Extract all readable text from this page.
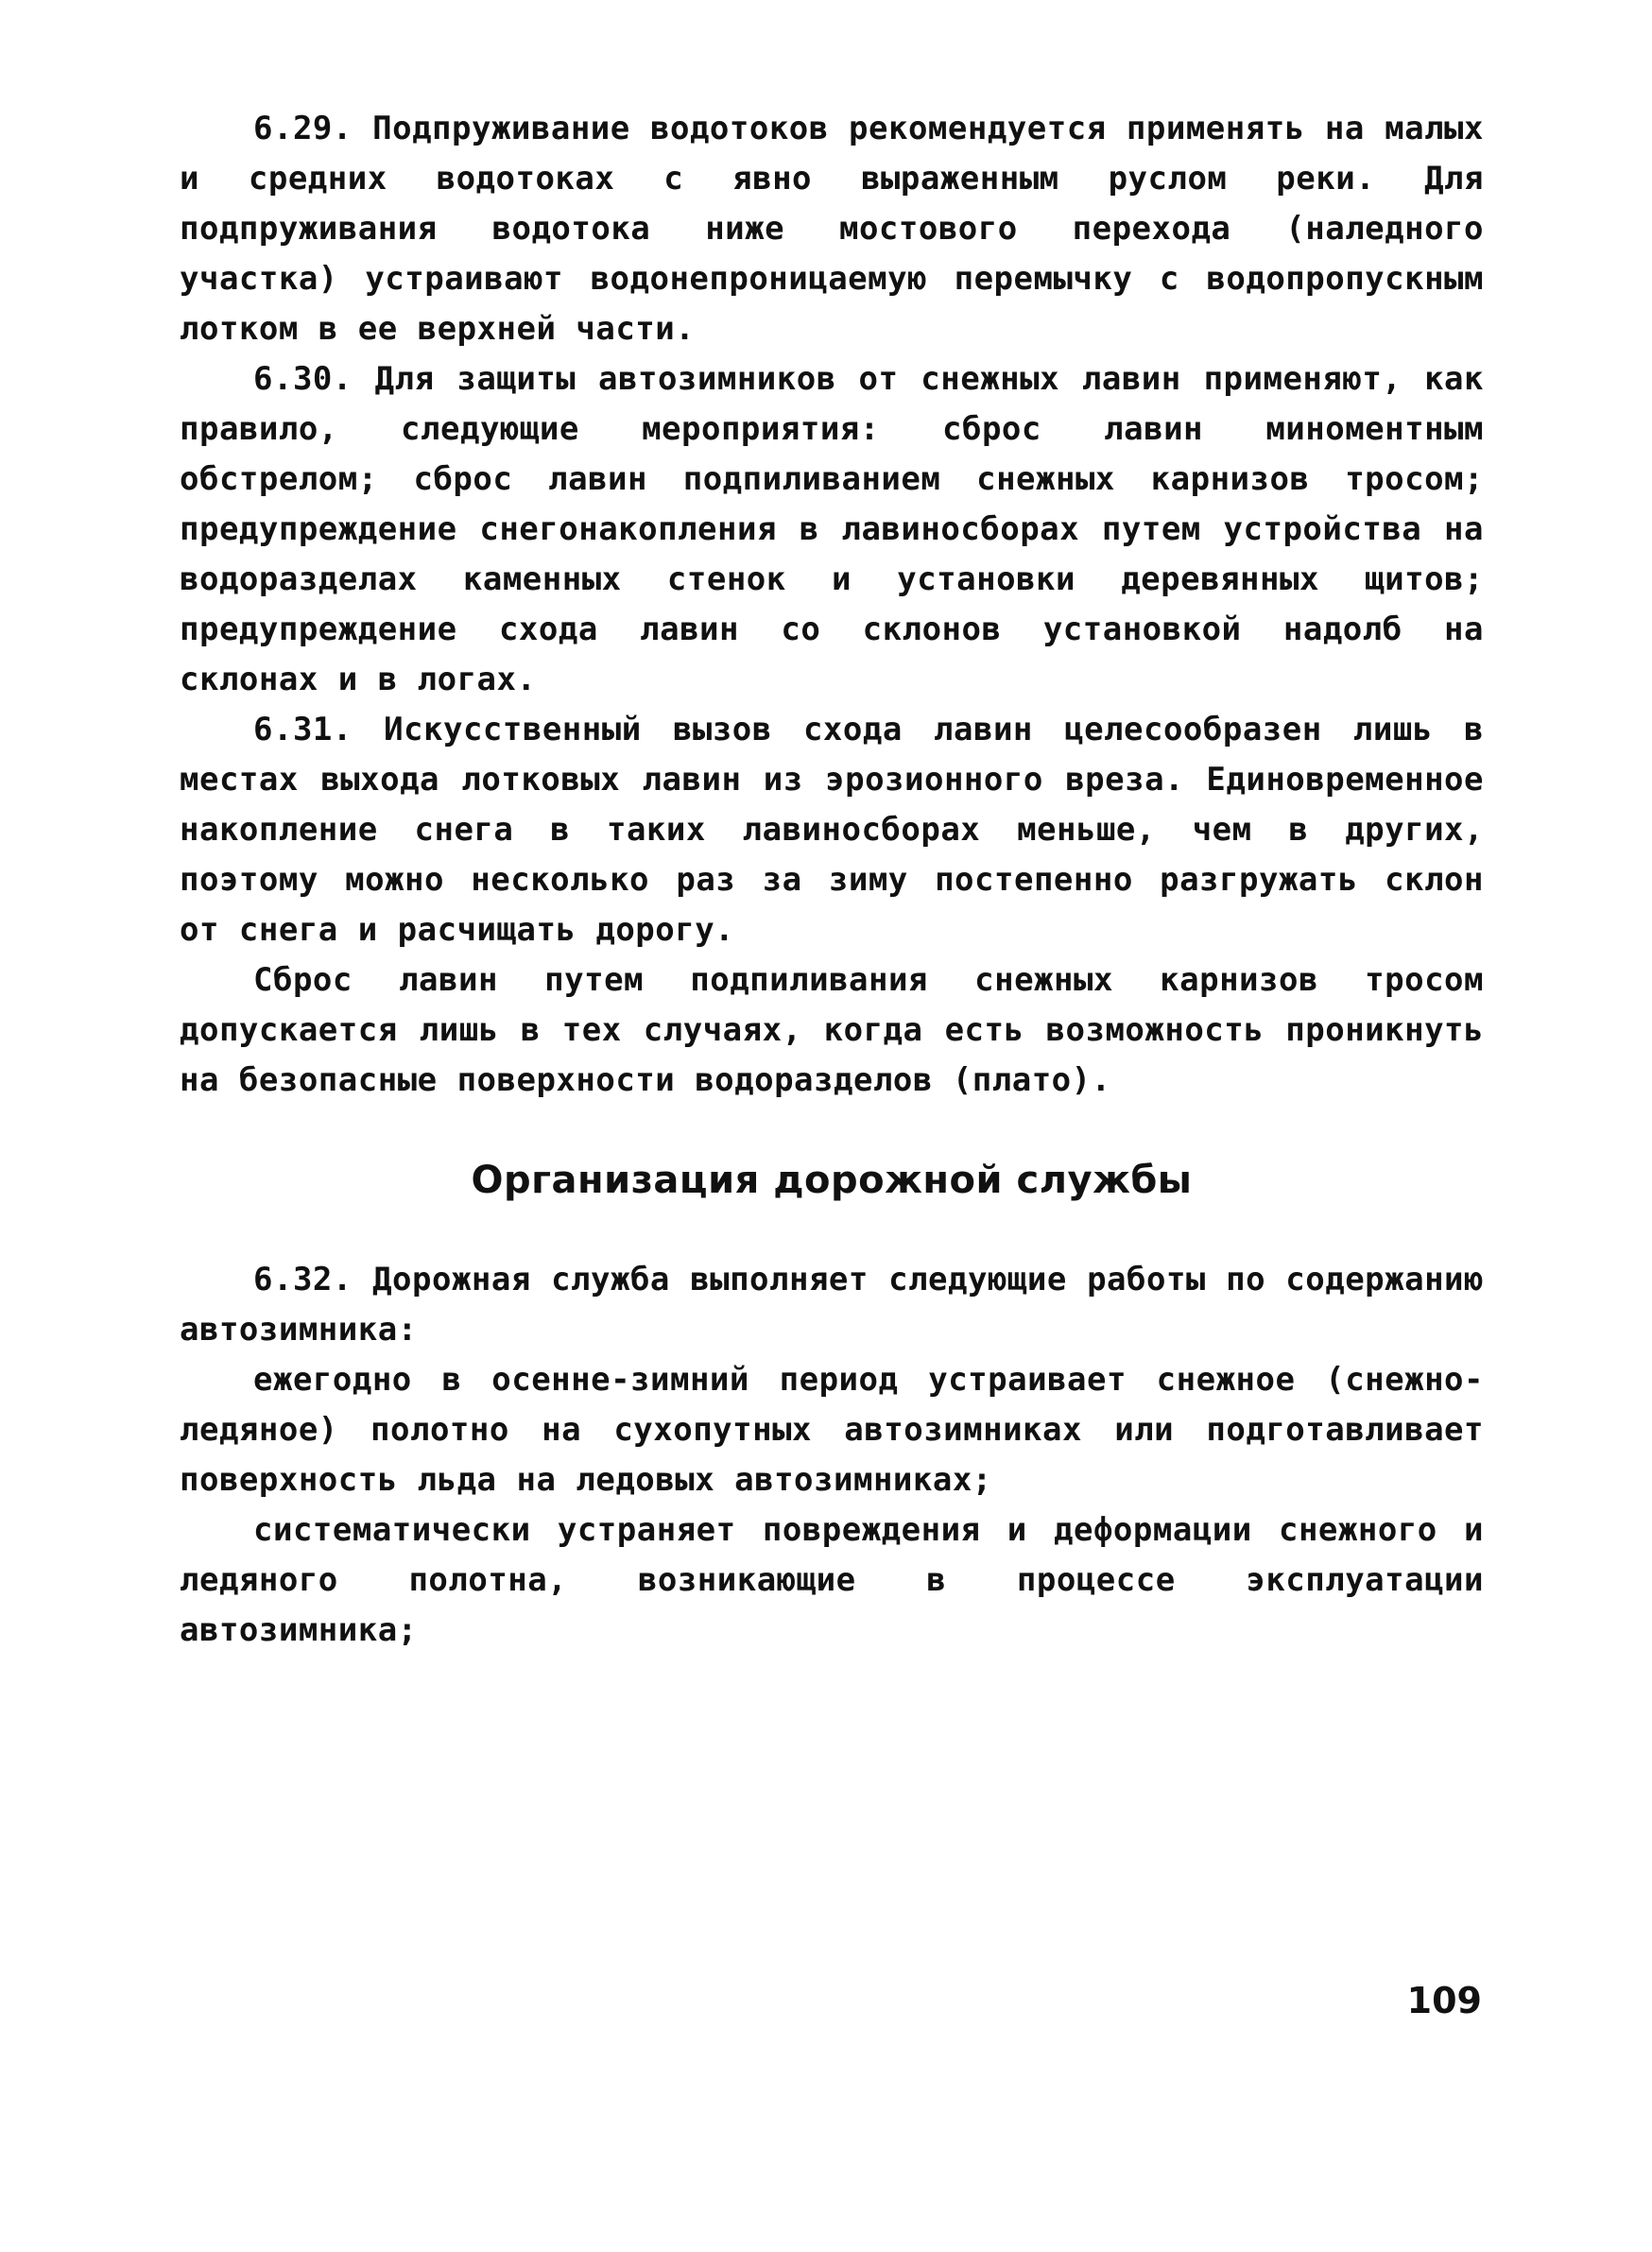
6.29. Подпруживание водотоков рекомендуется применять на малых и средних водотоках с явно выраженным руслом реки. Для подпруживания водотока ниже мостового перехода (наледного участка) устраивают водонепроницаемую перемычку с водопропускным лотком в ее верхней части.

6.30. Для защиты автозимников от снежных лавин применяют, как правило, следующие мероприятия: сброс лавин миноментным обстрелом; сброс лавин подпиливанием снежных карнизов тросом; предупреждение снегонакопления в лавиносборах путем устройства на водоразделах каменных стенок и установки деревянных щитов; предупреждение схода лавин со склонов установкой надолб на склонах и в логах.

6.31. Искусственный вызов схода лавин целесообразен лишь в местах выхода лотковых лавин из эрозионного вреза. Единовременное накопление снега в таких лавиносборах меньше, чем в других, поэтому можно несколько раз за зиму постепенно разгружать склон от снега и расчищать дорогу.

Сброс лавин путем подпиливания снежных карнизов тросом допускается лишь в тех случаях, когда есть возможность проникнуть на безопасные поверхности водоразделов (плато).

Организация дорожной службы

6.32. Дорожная служба выполняет следующие работы по содержанию автозимника:

ежегодно в осенне-зимний период устраивает снежное (снежно-ледяное) полотно на сухопутных автозимниках или подготавливает поверхность льда на ледовых автозимниках;

систематически устраняет повреждения и деформации снежного и ледяного полотна, возникающие в процессе эксплуатации автозимника;

109
